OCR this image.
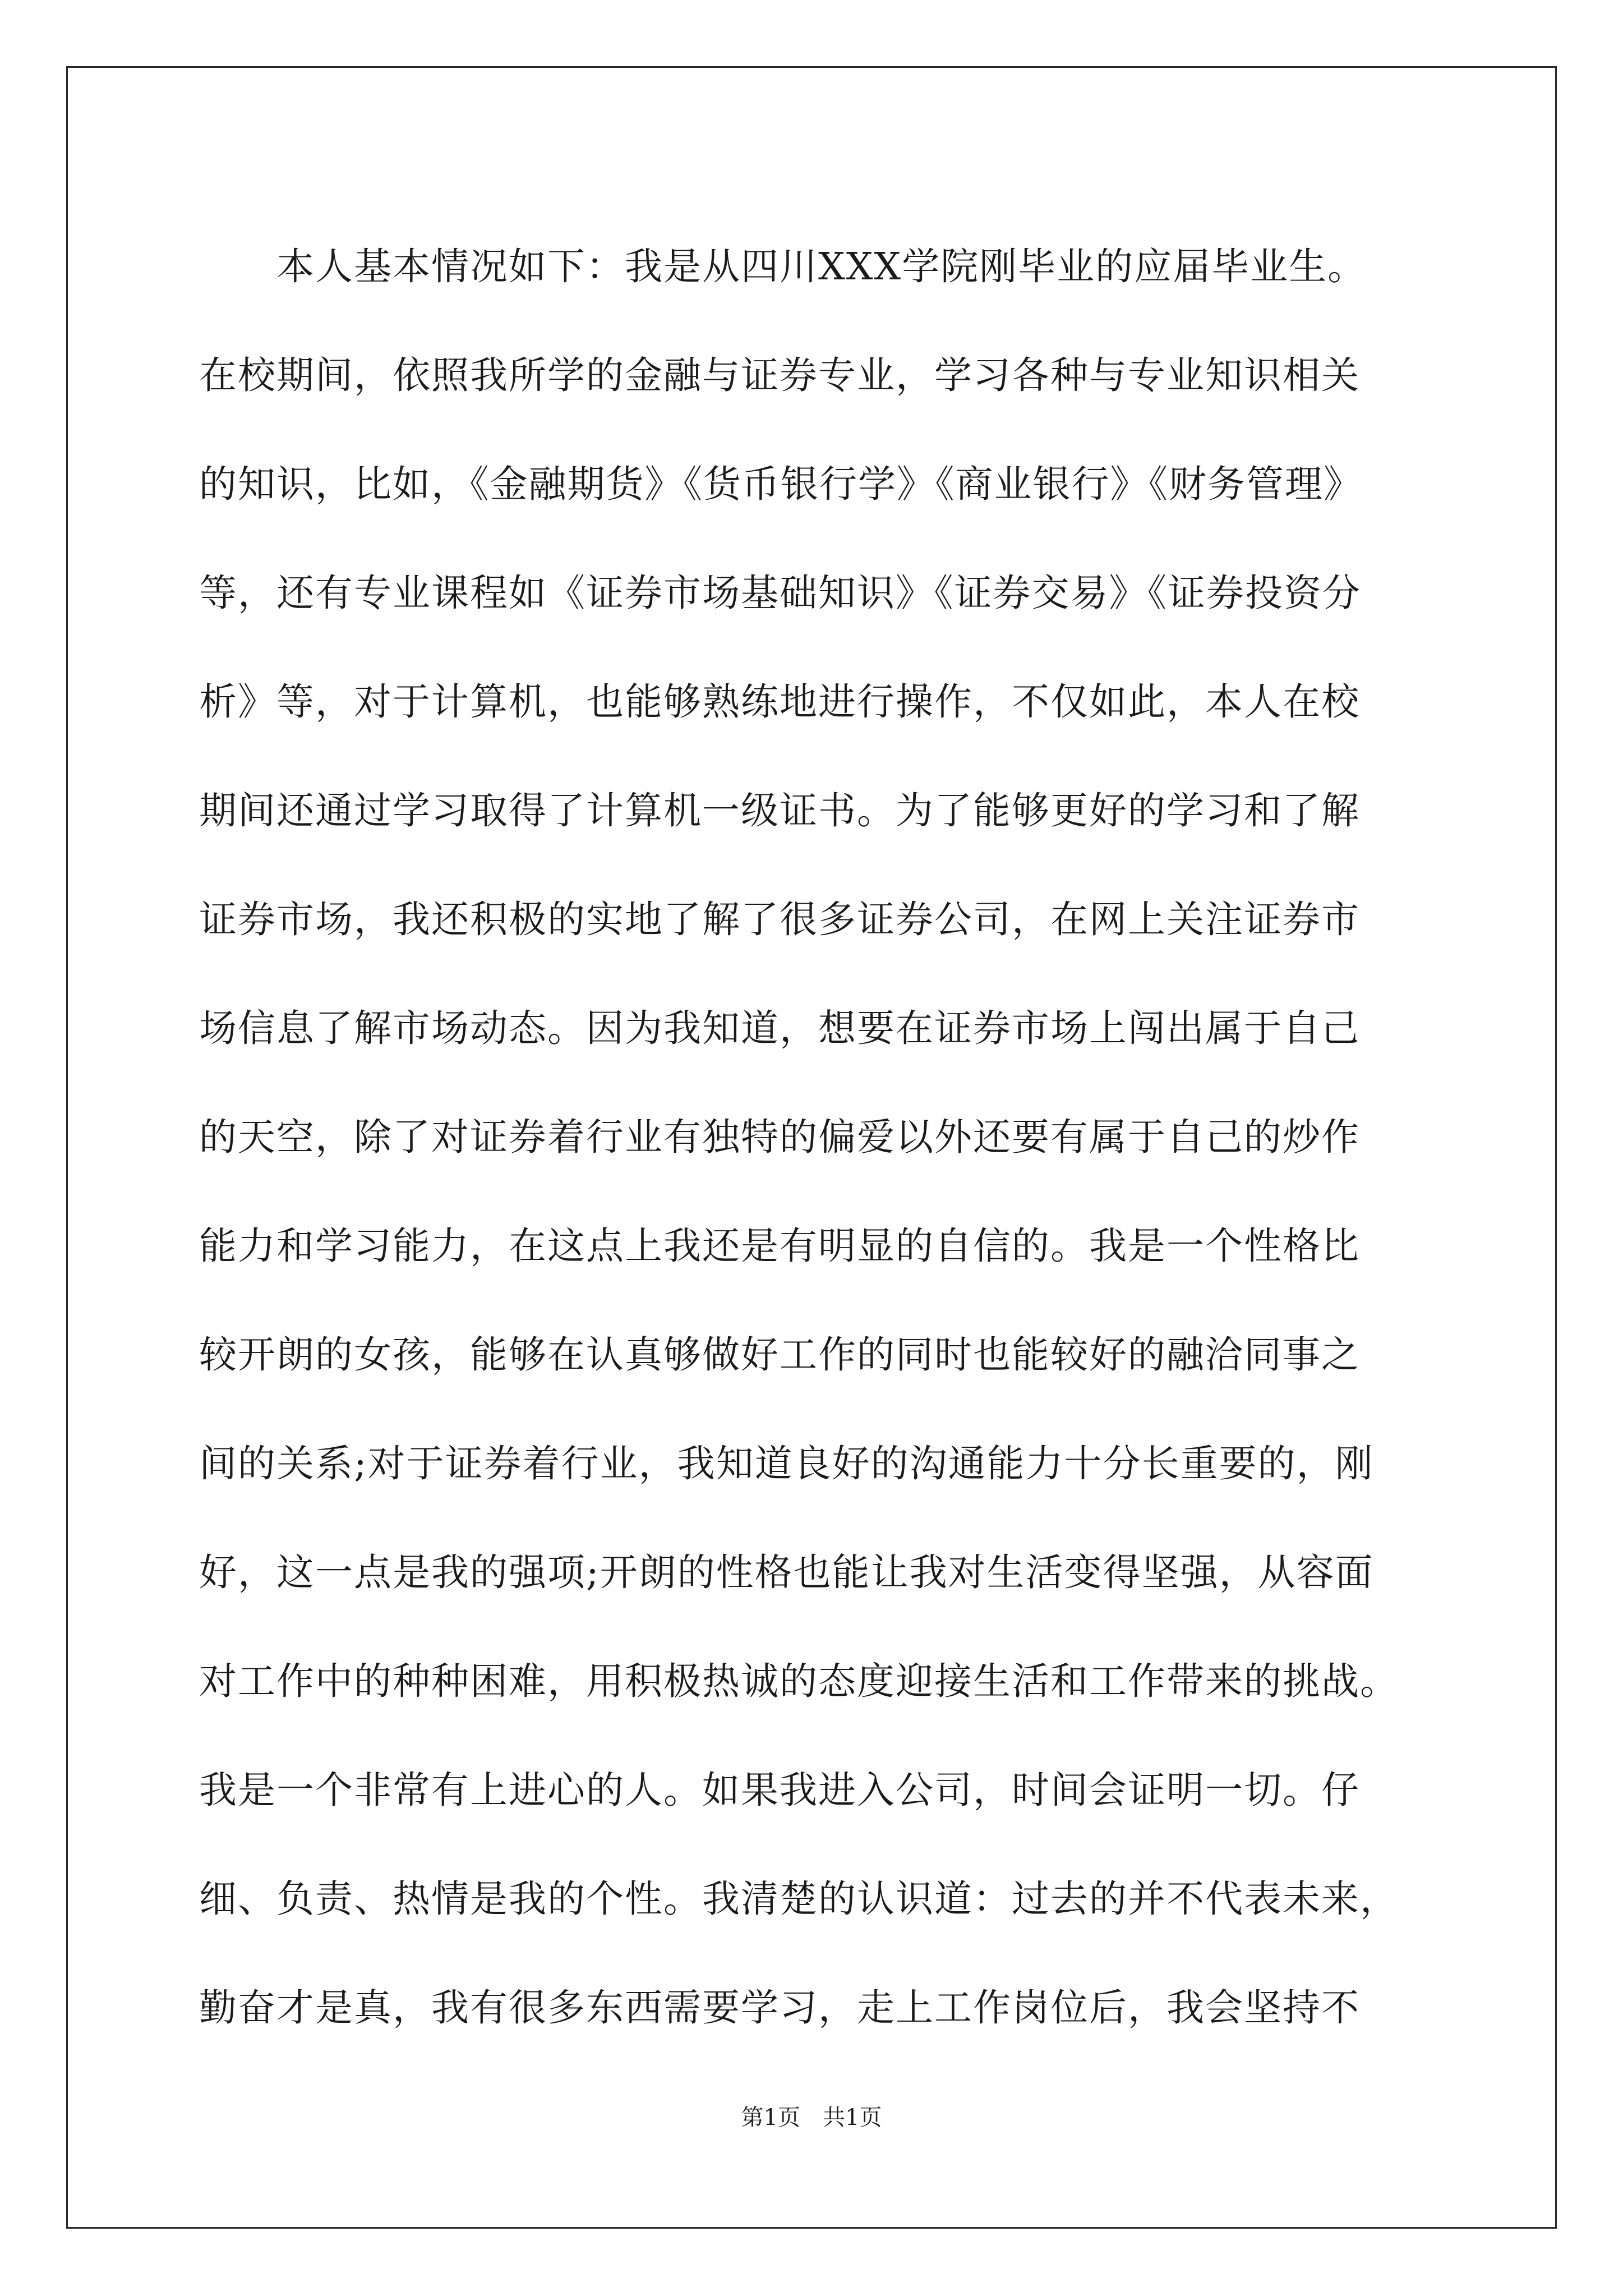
　　本人基本情况如下：我是从四川XXX学院刚毕业的应届毕业生。
在校期间，依照我所学的金融与证券专业，学习各种与专业知识相关
的知识，比如，《金融期货》《货币银行学》《商业银行》《财务管理》
等，还有专业课程如《证券市场基础知识》《证券交易》《证券投资分
析》等，对于计算机，也能够熟练地进行操作，不仅如此，本人在校
期间还通过学习取得了计算机一级证书。为了能够更好的学习和了解
证券市场，我还积极的实地了解了很多证券公司，在网上关注证券市
场信息了解市场动态。因为我知道，想要在证券市场上闯出属于自己
的天空，除了对证券着行业有独特的偏爱以外还要有属于自己的炒作
能力和学习能力，在这点上我还是有明显的自信的。我是一个性格比
较开朗的女孩，能够在认真够做好工作的同时也能较好的融洽同事之
间的关系;对于证券着行业，我知道良好的沟通能力十分长重要的，刚
好，这一点是我的强项;开朗的性格也能让我对生活变得坚强，从容面
对工作中的种种困难，用积极热诚的态度迎接生活和工作带来的挑战。
我是一个非常有上进心的人。如果我进入公司，时间会证明一切。仔
细、负责、热情是我的个性。我清楚的认识道：过去的并不代表未来，
勤奋才是真，我有很多东西需要学习，走上工作岗位后，我会坚持不
第1页　共1页
